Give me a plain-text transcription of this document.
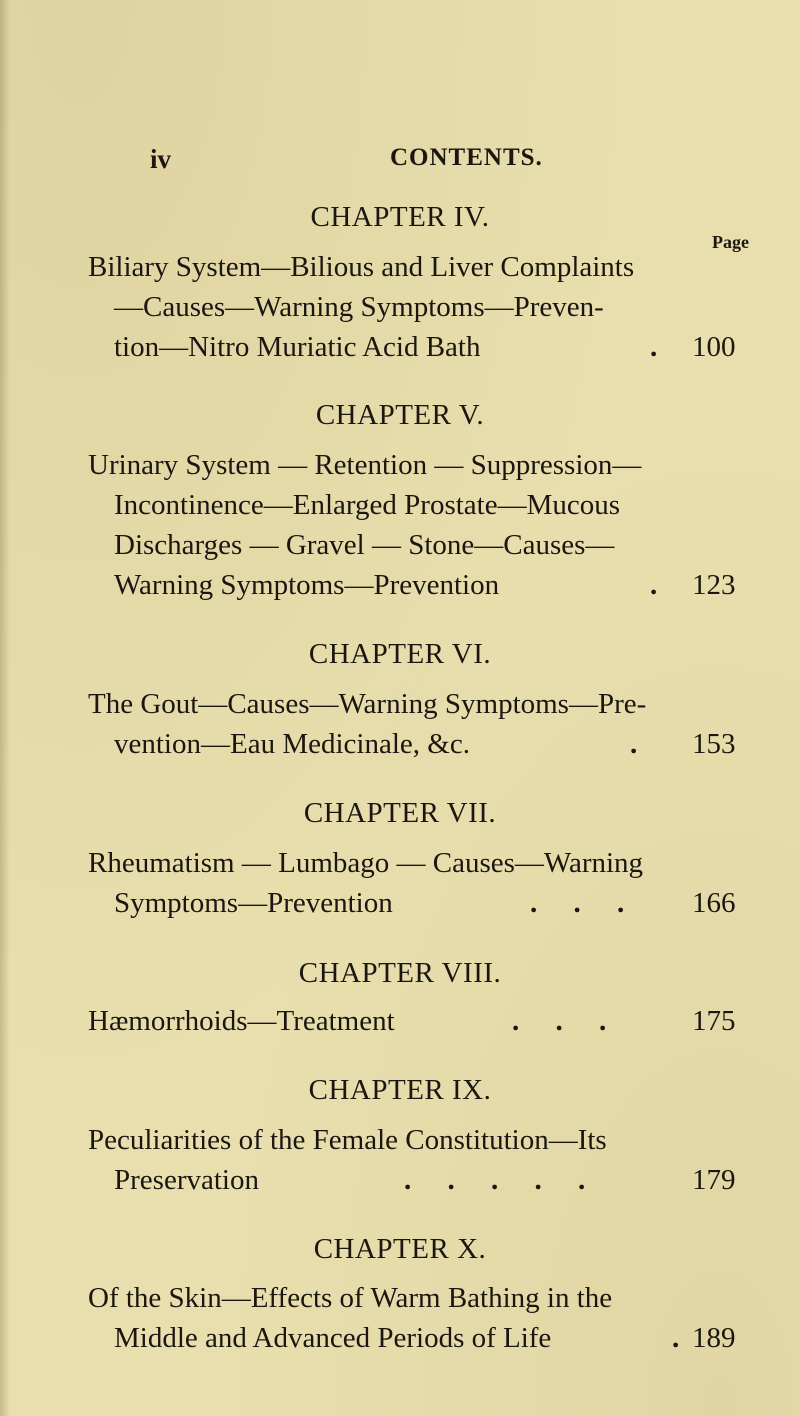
iv	CONTENTS.
Page
CHAPTER IV.
Biliary System—Bilious and Liver Complaints
—Causes—Warning Symptoms—Preven-
tion—Nitro Muriatic Acid Bath	. 100
CHAPTER V.
Urinary System — Retention — Suppression—
Incontinence—Enlarged Prostate—Mucous
Discharges — Gravel — Stone—Causes—
Warning Symptoms—Prevention	. 123
CHAPTER VI.
The Gout—Causes—Warning Symptoms—Pre-
vention—Eau Medicinale, &c.	. 153
CHAPTER VII.
Rheumatism — Lumbago — Causes—Warning
Symptoms—Prevention	.     .     . 166
CHAPTER VIII.
Hæmorrhoids—Treatment	.     .     .	175
CHAPTER IX.
Peculiarities of the Female Constitution—Its
Preservation	.     .     .     .     .	179
CHAPTER X.
Of the Skin—Effects of Warm Bathing in the
Middle and Advanced Periods of Life	. 189
